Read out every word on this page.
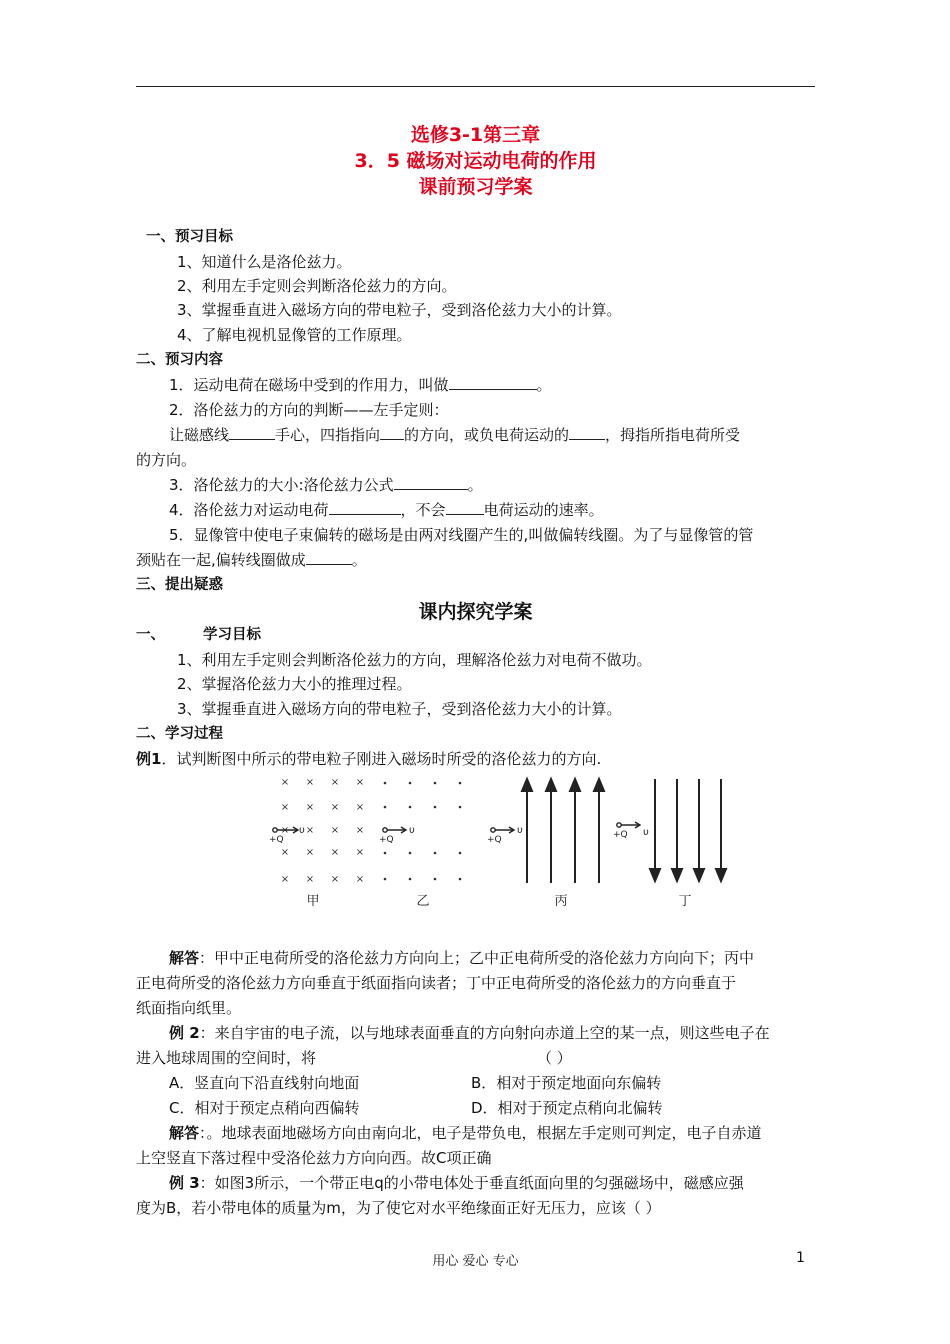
选修3-1第三章
3．5 磁场对运动电荷的作用
课前预习学案
一、预习目标
1、知道什么是洛伦兹力。
2、利用左手定则会判断洛伦兹力的方向。
3、掌握垂直进入磁场方向的带电粒子，受到洛伦兹力大小的计算。
4、了解电视机显像管的工作原理。
二、预习内容
1．运动电荷在磁场中受到的作用力，叫做	。
2．洛伦兹力的方向的判断——左手定则：
让磁感线	手心，四指指向 的方向，或负电荷运动的 ，拇指所指电荷所受
的方向。
3．洛伦兹力的大小:洛伦兹力公式	。
4．洛伦兹力对运动电荷	，不会	电荷运动的速率。
5．显像管中使电子束偏转的磁场是由两对线圈产生的,叫做偏转线圈。为了与显像管的管
颈贴在一起,偏转线圈做成	。
三、提出疑惑
课内探究学案
一、	学习目标
1、利用左手定则会判断洛伦兹力的方向，理解洛伦兹力对电荷不做功。
2、掌握洛伦兹力大小的推理过程。
3、掌握垂直进入磁场方向的带电粒子，受到洛伦兹力大小的计算。
二、学习过程
例1．试判断图中所示的带电粒子刚进入磁场时所受的洛伦兹力的方向.
× × × ×
× × × ×
× × × ×
× × × ×
× × × ×
+Q
υ
+Q
υ
+Q
υ	+Q υ
甲	乙	丙	丁
解答：甲中正电荷所受的洛伦兹力方向向上；乙中正电荷所受的洛伦兹力方向向下；丙中
正电荷所受的洛伦兹力方向垂直于纸面指向读者；丁中正电荷所受的洛伦兹力的方向垂直于
纸面指向纸里。
例 2：来自宇宙的电子流，以与地球表面垂直的方向射向赤道上空的某一点，则这些电子在
进入地球周围的空间时，将	（ ）
A．竖直向下沿直线射向地面	B．相对于预定地面向东偏转
C．相对于预定点稍向西偏转	D．相对于预定点稍向北偏转
解答：。地球表面地磁场方向由南向北，电子是带负电，根据左手定则可判定，电子自赤道
上空竖直下落过程中受洛伦兹力方向向西。故C项正确
例 3：如图3所示，一个带正电q的小带电体处于垂直纸面向里的匀强磁场中，磁感应强
度为B，若小带电体的质量为m，为了使它对水平绝缘面正好无压力，应该（ ）
用心 爱心 专心	1
